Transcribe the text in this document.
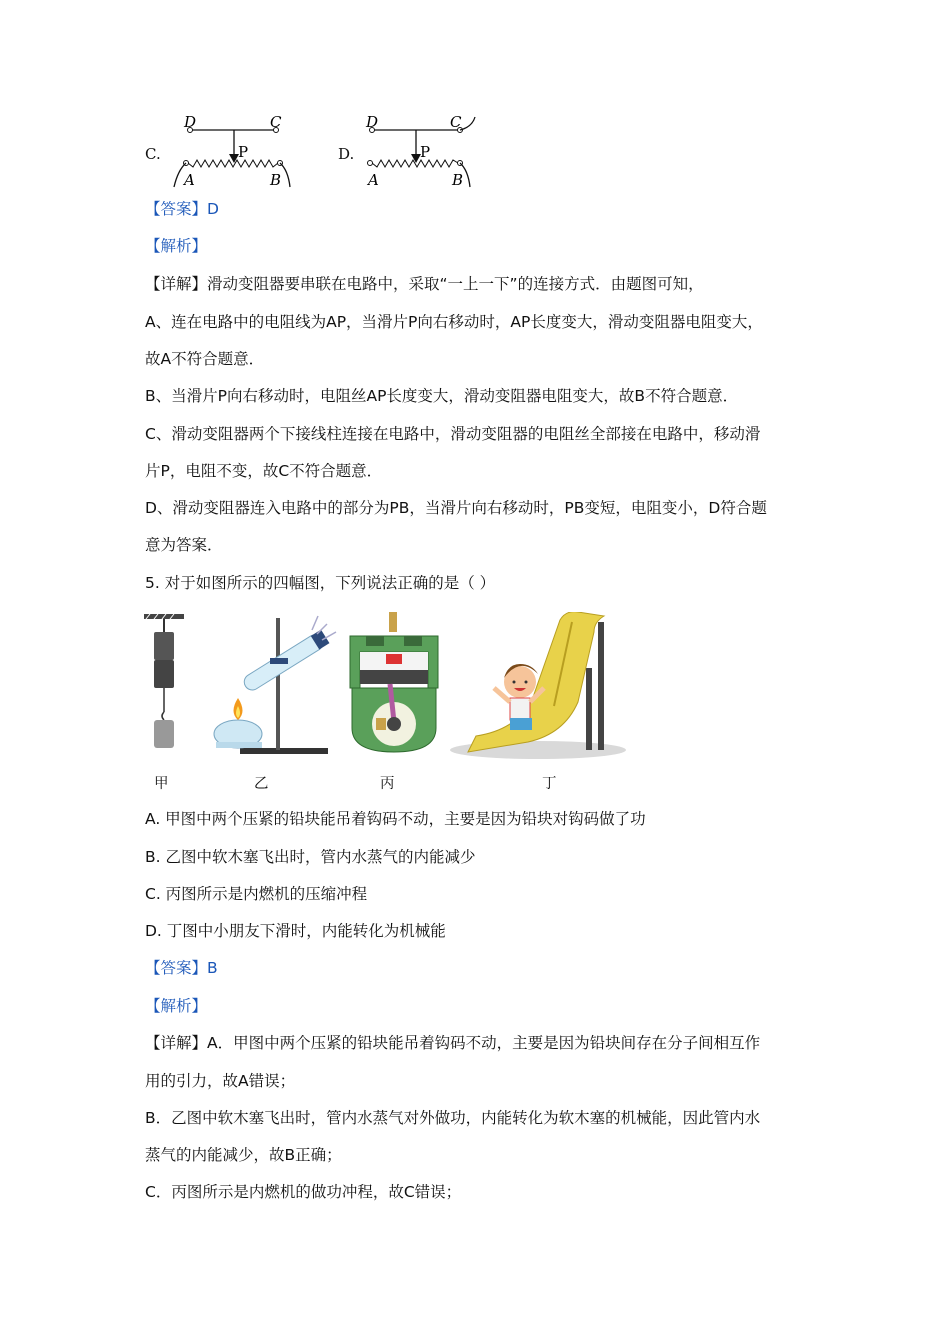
C.
D	C
P
A	B
D.
D	C
P
A	B
【答案】D
【解析】
【详解】滑动变阻器要串联在电路中，采取“一上一下”的连接方式．由题图可知，
A、连在电路中的电阻线为AP，当滑片P向右移动时，AP长度变大，滑动变阻器电阻变大，
故A不符合题意．
B、当滑片P向右移动时，电阻丝AP长度变大，滑动变阻器电阻变大，故B不符合题意．
C、滑动变阻器两个下接线柱连接在电路中，滑动变阻器的电阻丝全部接在电路中，移动滑
片P，电阻不变，故C不符合题意．
D、滑动变阻器连入电路中的部分为PB，当滑片向右移动时，PB变短，电阻变小，D符合题
意为答案．
5. 对于如图所示的四幅图，下列说法正确的是（ ）
甲	乙	丙	丁
A. 甲图中两个压紧的铅块能吊着钩码不动，主要是因为铅块对钩码做了功
B. 乙图中软木塞飞出时，管内水蒸气的内能减少
C. 丙图所示是内燃机的压缩冲程
D. 丁图中小朋友下滑时，内能转化为机械能
【答案】B
【解析】
【详解】A．甲图中两个压紧的铅块能吊着钩码不动，主要是因为铅块间存在分子间相互作
用的引力，故A错误；
B．乙图中软木塞飞出时，管内水蒸气对外做功，内能转化为软木塞的机械能，因此管内水
蒸气的内能减少，故B正确；
C．丙图所示是内燃机的做功冲程，故C错误；
